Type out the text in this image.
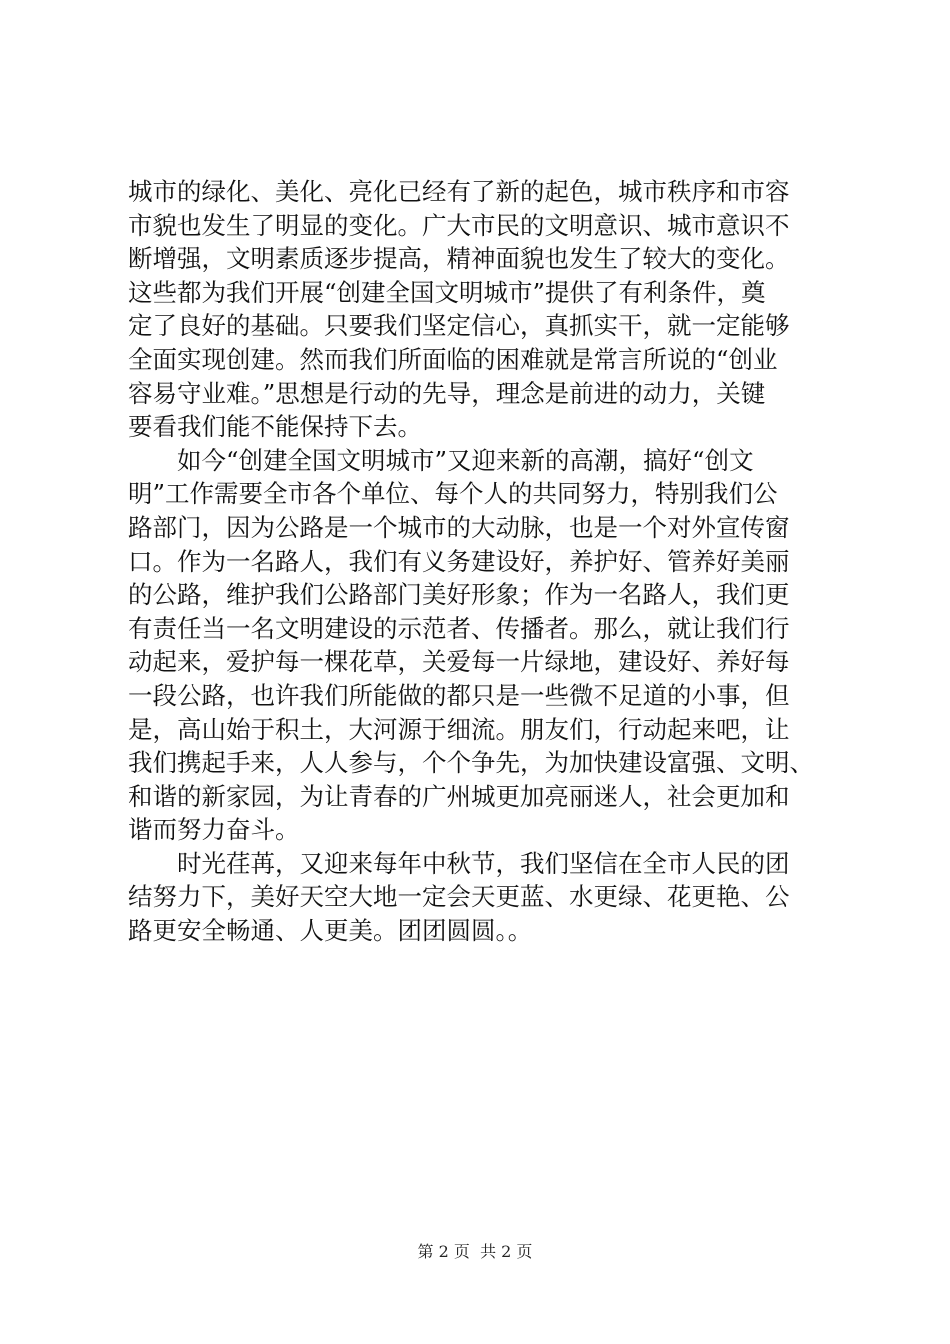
城市的绿化、美化、亮化已经有了新的起色，城市秩序和市容
市貌也发生了明显的变化。广大市民的文明意识、城市意识不
断增强，文明素质逐步提高，精神面貌也发生了较大的变化。
这些都为我们开展“创建全国文明城市”提供了有利条件，奠
定了良好的基础。只要我们坚定信心，真抓实干，就一定能够
全面实现创建。然而我们所面临的困难就是常言所说的“创业
容易守业难。”思想是行动的先导，理念是前进的动力，关键
要看我们能不能保持下去。
　　如今“创建全国文明城市”又迎来新的高潮，搞好“创文
明”工作需要全市各个单位、每个人的共同努力，特别我们公
路部门，因为公路是一个城市的大动脉，也是一个对外宣传窗
口。作为一名路人，我们有义务建设好，养护好、管养好美丽
的公路，维护我们公路部门美好形象；作为一名路人，我们更
有责任当一名文明建设的示范者、传播者。那么，就让我们行
动起来，爱护每一棵花草，关爱每一片绿地，建设好、养好每
一段公路，也许我们所能做的都只是一些微不足道的小事，但
是，高山始于积土，大河源于细流。朋友们，行动起来吧，让
我们携起手来，人人参与，个个争先，为加快建设富强、文明、
和谐的新家园，为让青春的广州城更加亮丽迷人，社会更加和
谐而努力奋斗。
　　时光荏苒，又迎来每年中秋节，我们坚信在全市人民的团
结努力下，美好天空大地一定会天更蓝、水更绿、花更艳、公
路更安全畅通、人更美。团团圆圆。。
第 2 页  共 2 页
